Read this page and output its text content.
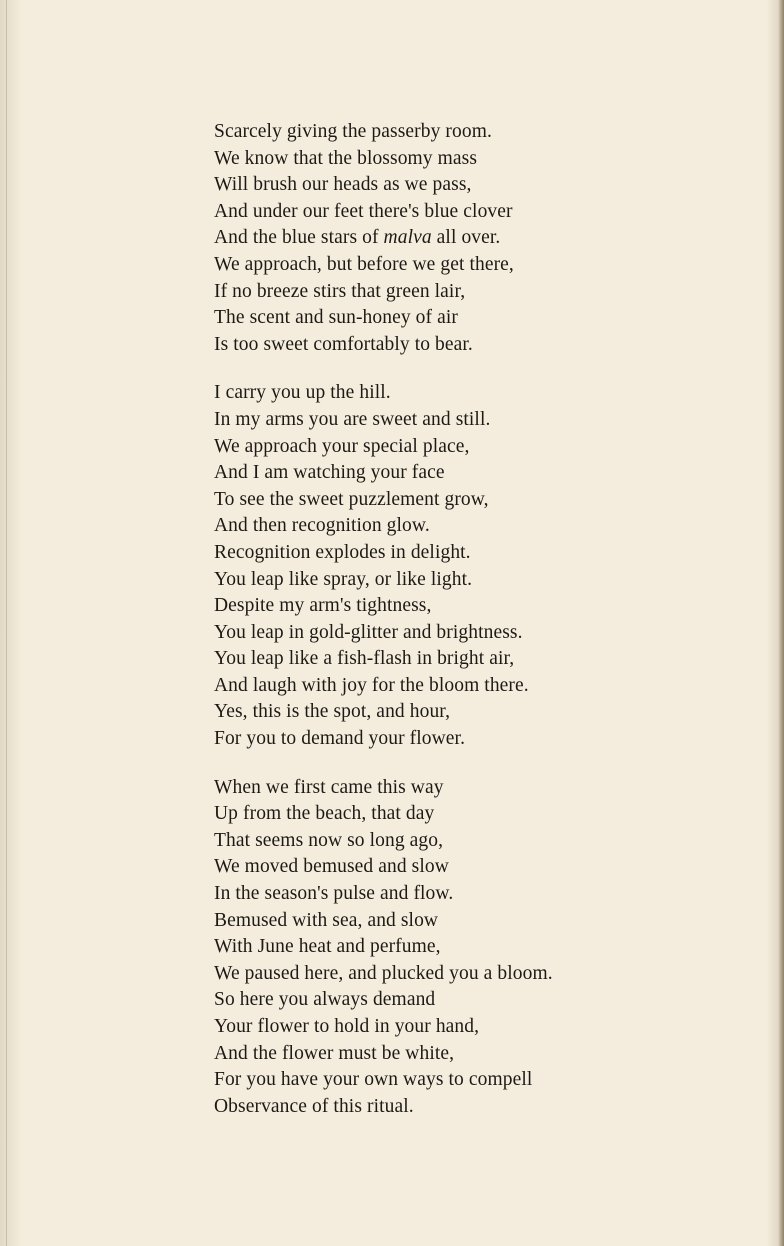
Scarcely giving the passerby room.
We know that the blossomy mass
Will brush our heads as we pass,
And under our feet there's blue clover
And the blue stars of malva all over.
We approach, but before we get there,
If no breeze stirs that green lair,
The scent and sun-honey of air
Is too sweet comfortably to bear.
I carry you up the hill.
In my arms you are sweet and still.
We approach your special place,
And I am watching your face
To see the sweet puzzlement grow,
And then recognition glow.
Recognition explodes in delight.
You leap like spray, or like light.
Despite my arm's tightness,
You leap in gold-glitter and brightness.
You leap like a fish-flash in bright air,
And laugh with joy for the bloom there.
Yes, this is the spot, and hour,
For you to demand your flower.
When we first came this way
Up from the beach, that day
That seems now so long ago,
We moved bemused and slow
In the season's pulse and flow.
Bemused with sea, and slow
With June heat and perfume,
We paused here, and plucked you a bloom.
So here you always demand
Your flower to hold in your hand,
And the flower must be white,
For you have your own ways to compell
Observance of this ritual.
